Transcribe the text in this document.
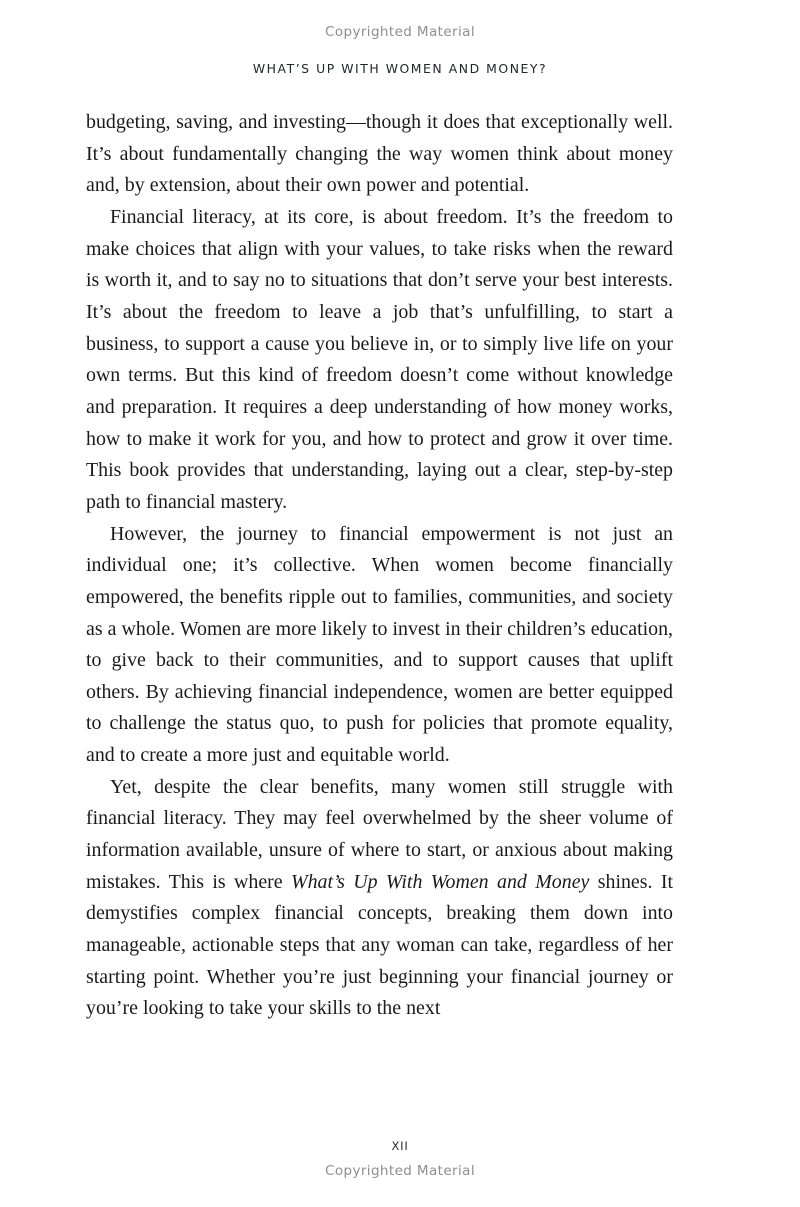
Copyrighted Material
WHAT’S UP WITH WOMEN AND MONEY?

budgeting, saving, and investing—though it does that exceptionally well. It’s about fundamentally changing the way women think about money and, by extension, about their own power and potential.

Financial literacy, at its core, is about freedom. It’s the freedom to make choices that align with your values, to take risks when the reward is worth it, and to say no to situations that don’t serve your best interests. It’s about the freedom to leave a job that’s unfulfilling, to start a business, to support a cause you believe in, or to simply live life on your own terms. But this kind of freedom doesn’t come without knowledge and preparation. It requires a deep understanding of how money works, how to make it work for you, and how to protect and grow it over time. This book provides that understanding, laying out a clear, step-by-step path to financial mastery.

However, the journey to financial empowerment is not just an individual one; it’s collective. When women become financially empowered, the benefits ripple out to families, communities, and society as a whole. Women are more likely to invest in their children’s education, to give back to their communities, and to support causes that uplift others. By achieving financial independence, women are better equipped to challenge the status quo, to push for policies that promote equality, and to create a more just and equitable world.

Yet, despite the clear benefits, many women still struggle with financial literacy. They may feel overwhelmed by the sheer volume of information available, unsure of where to start, or anxious about making mistakes. This is where What’s Up With Women and Money shines. It demystifies complex financial concepts, breaking them down into manageable, actionable steps that any woman can take, regardless of her starting point. Whether you’re just beginning your financial journey or you’re looking to take your skills to the next

XII
Copyrighted Material
